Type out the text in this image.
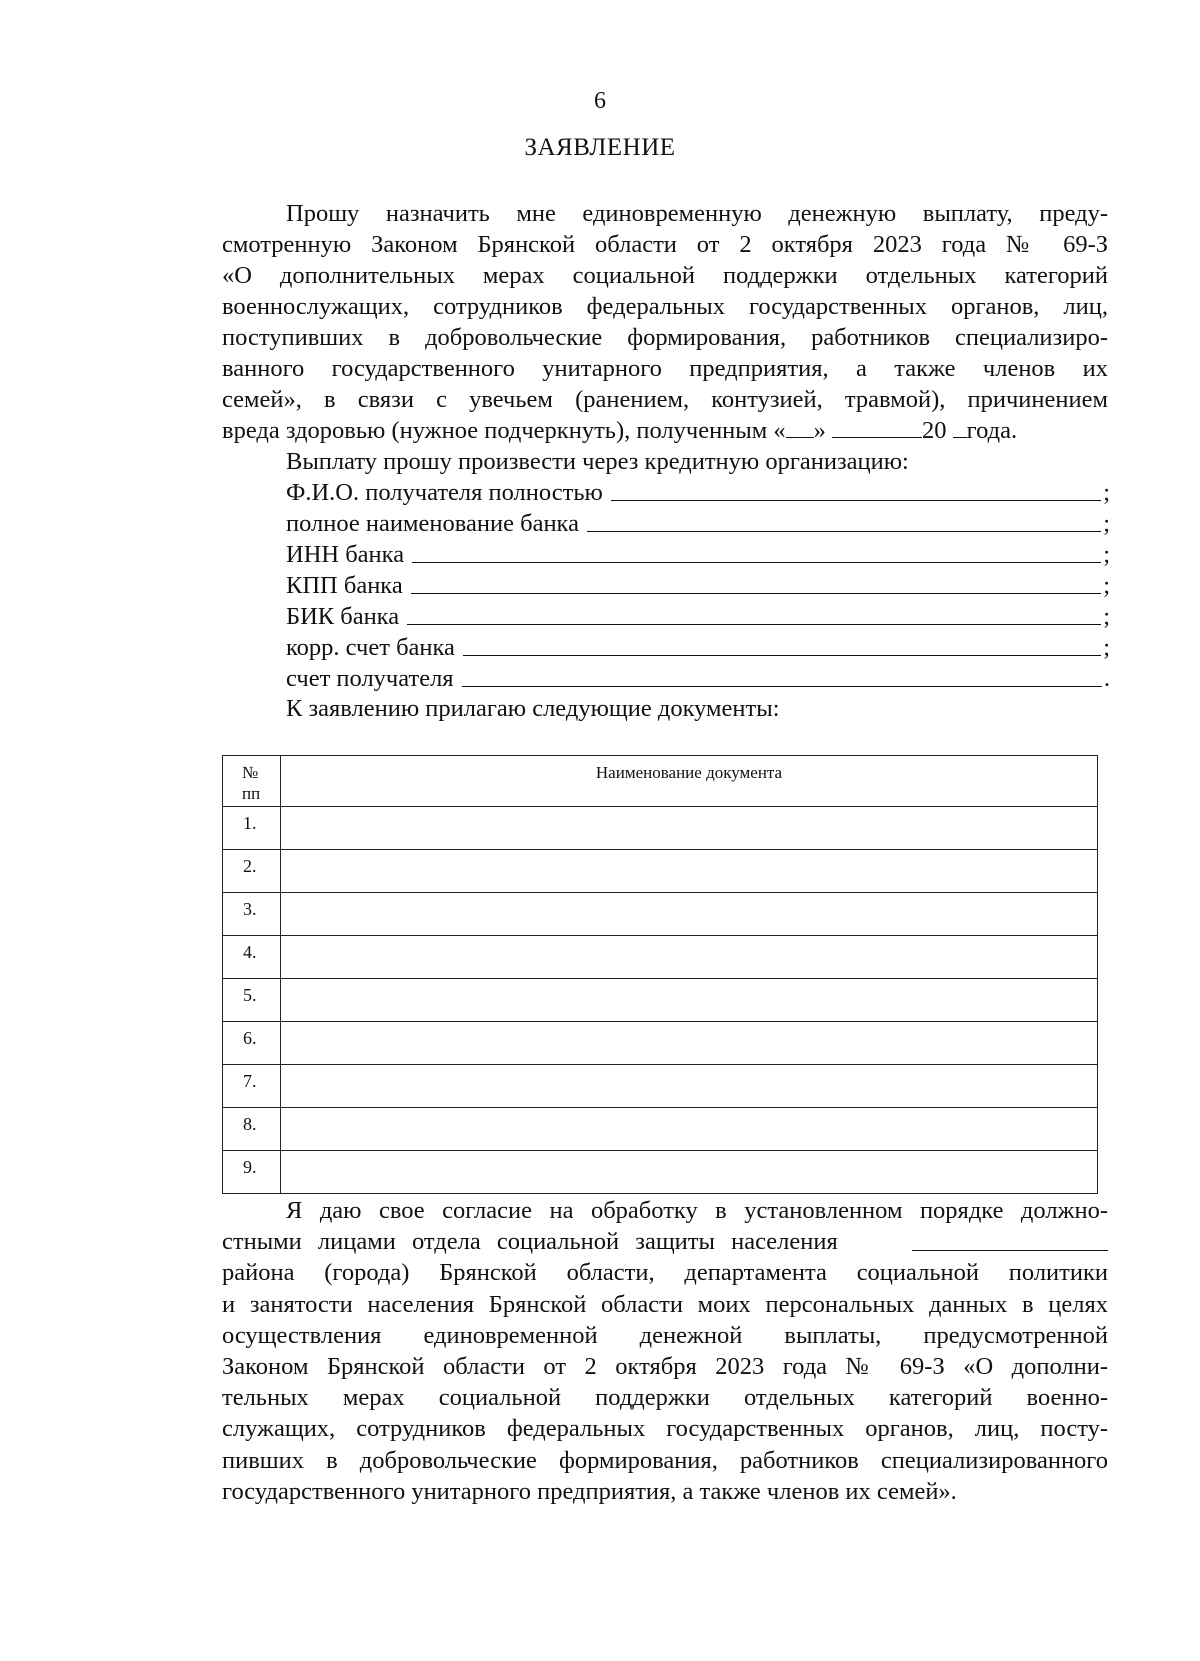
6
ЗАЯВЛЕНИЕ
Прошу назначить мне единовременную денежную выплату, преду-
смотренную Законом Брянской области от 2 октября 2023 года № 69-З
«О дополнительных мерах социальной поддержки отдельных категорий
военнослужащих, сотрудников федеральных государственных органов, лиц,
поступивших в добровольческие формирования, работников специализиро-
ванного государственного унитарного предприятия, а также членов их
семей», в связи с увечьем (ранением, контузией, травмой), причинением
вреда здоровью (нужное подчеркнуть), полученным « »	20 года.
Выплату прошу произвести через кредитную организацию:
Ф.И.О. получателя полностью	;
полное наименование банка	;
ИНН банка	;
КПП банка	;
БИК банка	;
корр. счет банка	;
счет получателя	.
К заявлению прилагаю следующие документы:
№
пп	Наименование документа

1.	

2.	

3.	

4.	

5.	

6.	

7.	

8.	

9.	

Я даю свое согласие на обработку в установленном порядке должно-
стными лицами отдела социальной защиты населения
района (города) Брянской области, департамента социальной политики
и занятости населения Брянской области моих персональных данных в целях
осуществления единовременной денежной выплаты, предусмотренной
Законом Брянской области от 2 октября 2023 года № 69-З «О дополни-
тельных мерах социальной поддержки отдельных категорий военно-
служащих, сотрудников федеральных государственных органов, лиц, посту-
пивших в добровольческие формирования, работников специализированного
государственного унитарного предприятия, а также членов их семей».
